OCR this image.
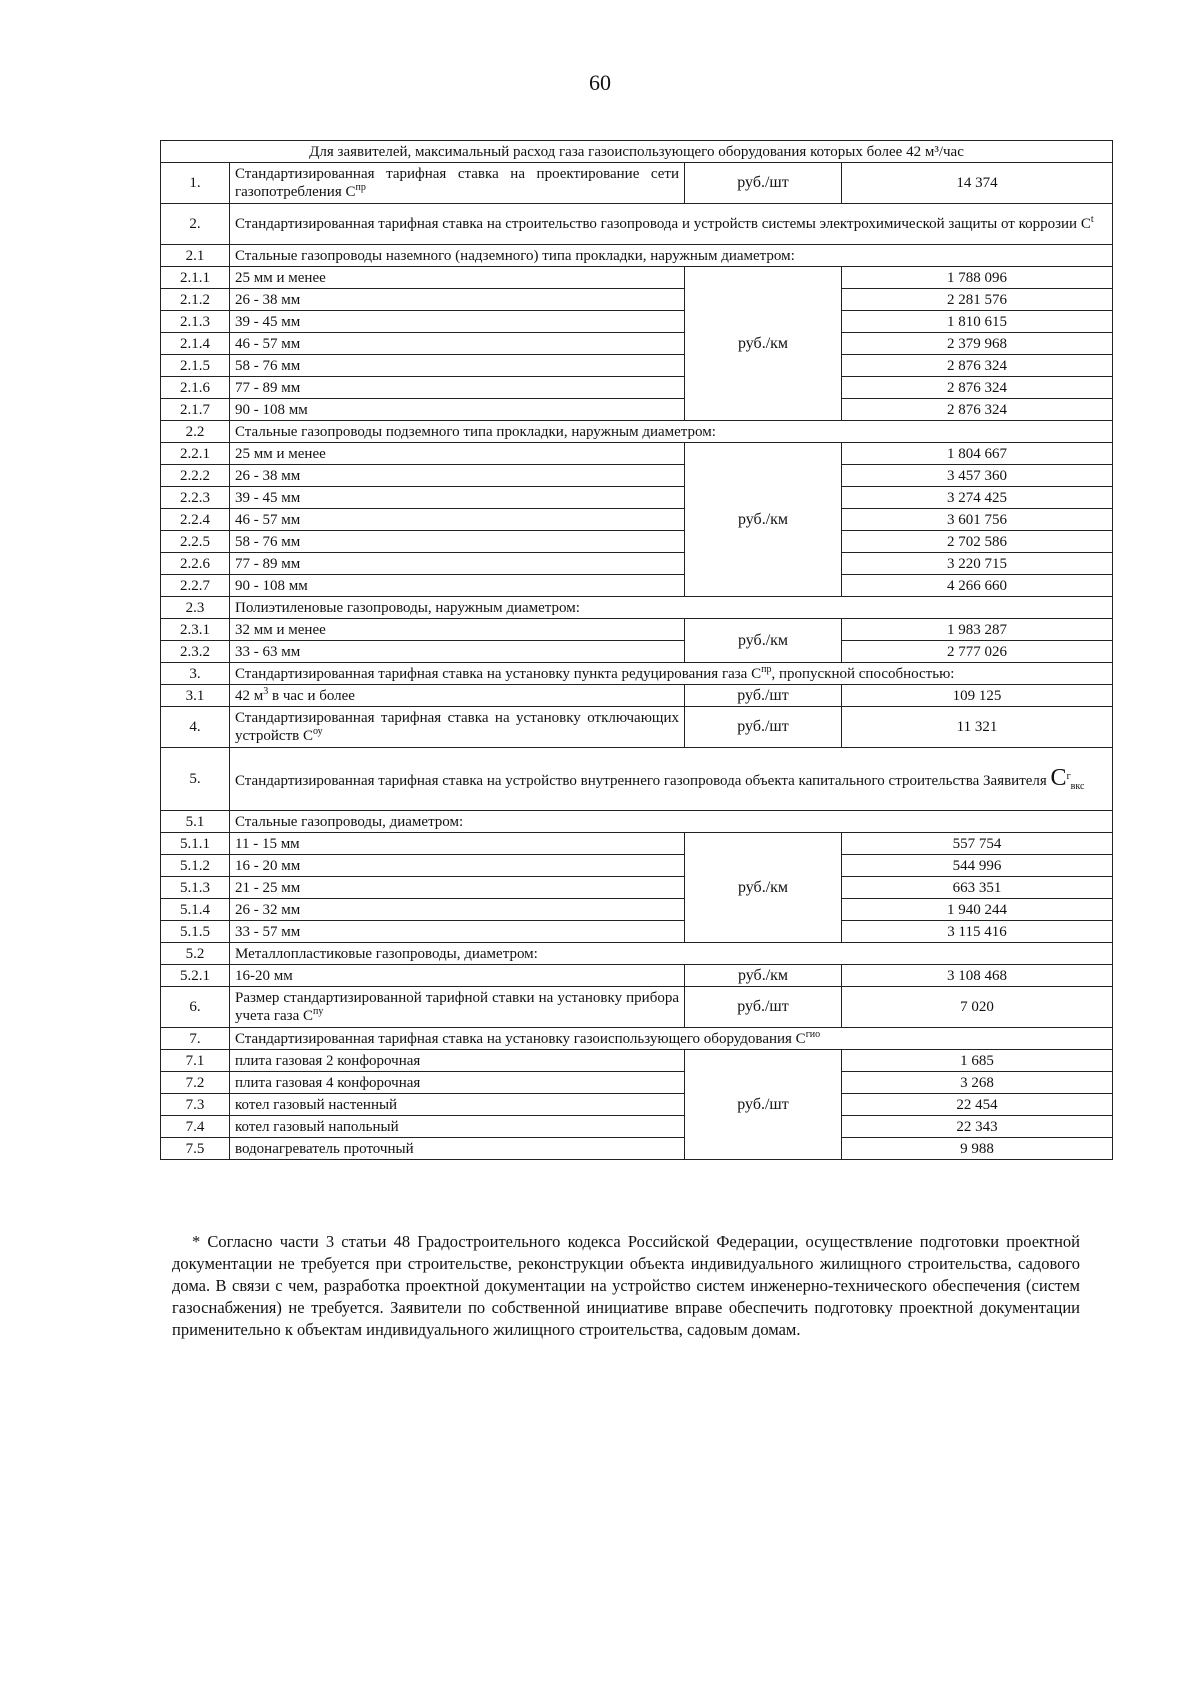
60
Для заявителей, максимальный расход газа газоиспользующего оборудования которых более 42 м³/час			
1.	Стандартизированная тарифная ставка на проектирование сети газопотребления $С^{пр}$	руб./шт	14 374
2.	Стандартизированная тарифная ставка на строительство газопровода и устройств системы электрохимической защиты от коррозии $С^t$
2.1	Стальные газопроводы наземного (надземного) типа прокладки, наружным диаметром:		
2.1.1	25 мм и менее	руб./км	1 788 096
2.1.2	26 - 38 мм		2 281 576
2.1.3	39 - 45 мм		1 810 615
2.1.4	46 - 57 мм		2 379 968
2.1.5	58 - 76 мм		2 876 324
2.1.6	77 - 89 мм		2 876 324
2.1.7	90 - 108 мм		2 876 324
2.2	Стальные газопроводы подземного типа прокладки, наружным диаметром:		
2.2.1	25 мм и менее	руб./км	1 804 667
2.2.2	26 - 38 мм		3 457 360
2.2.3	39 - 45 мм		3 274 425
2.2.4	46 - 57 мм		3 601 756
2.2.5	58 - 76 мм		2 702 586
2.2.6	77 - 89 мм		3 220 715
2.2.7	90 - 108 мм		4 266 660
2.3	Полиэтиленовые газопроводы, наружным диаметром:		
2.3.1	32 мм и менее	руб./км	1 983 287
2.3.2	33 - 63 мм		2 777 026
3.	Стандартизированная тарифная ставка на установку пункта редуцирования газа $С^{пр}$, пропускной способностью:		
3.1	42 $м^3$ в час и более	руб./шт	109 125
4.	Стандартизированная тарифная ставка на установку отключающих устройств $С^{оу}$	руб./шт	11 321
5.	Стандартизированная тарифная ставка на устройство внутреннего газопровода объекта капитального строительства Заявителя $C^г_{вкс}$
5.1	Стальные газопроводы, диаметром:		
5.1.1	11 - 15 мм	руб./км	557 754
5.1.2	16 - 20 мм		544 996
5.1.3	21 - 25 мм		663 351
5.1.4	26 - 32 мм		1 940 244
5.1.5	33 - 57 мм		3 115 416
5.2	Металлопластиковые газопроводы, диаметром:		
5.2.1	16-20 мм	руб./км	3 108 468
6.	Размер стандартизированной тарифной ставки на установку прибора учета газа $С^{пу}$	руб./шт	7 020
7.	Стандартизированная тарифная ставка на установку газоиспользующего оборудования $С^{гио}$
7.1	плита газовая 2 конфорочная	руб./шт	1 685
7.2	плита газовая 4 конфорочная		3 268
7.3	котел газовый настенный		22 454
7.4	котел газовый напольный		22 343
7.5	водонагреватель проточный		9 988

* Согласно части 3 статьи 48 Градостроительного кодекса Российской Федерации, осуществление подготовки проектной документации не требуется при строительстве, реконструкции объекта индивидуального жилищного строительства, садового дома. В связи с чем, разработка проектной документации на устройство систем инженерно-технического обеспечения (систем газоснабжения) не требуется. Заявители по собственной инициативе вправе обеспечить подготовку проектной документации применительно к объектам индивидуального жилищного строительства, садовым домам.
